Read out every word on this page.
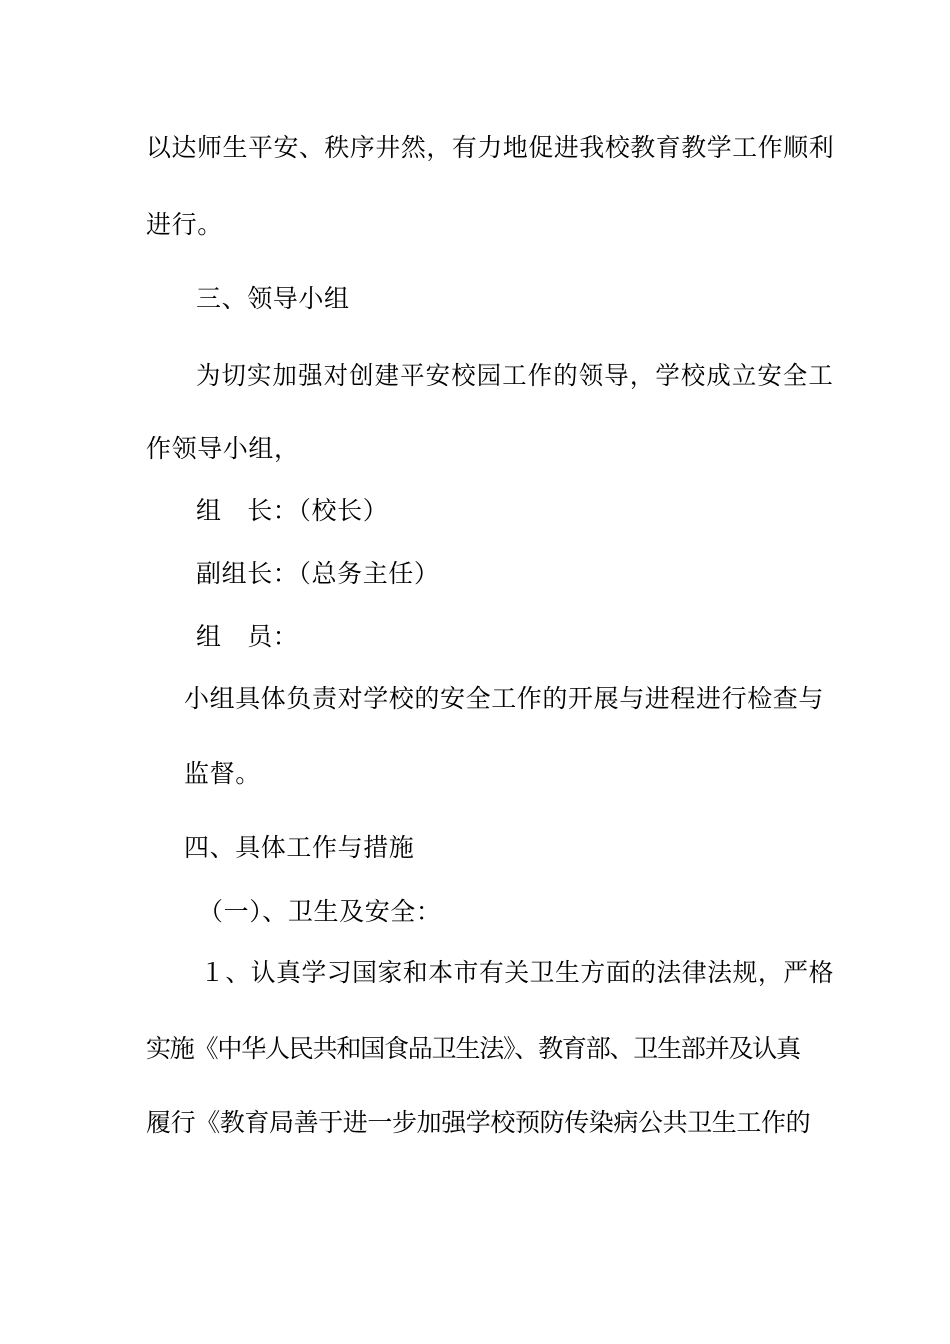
以达师生平安、秩序井然，有力地促进我校教育教学工作顺利
进行。
三、领导小组
为切实加强对创建平安校园工作的领导，学校成立安全工
作领导小组，
组　长：（校长）
副组长：（总务主任）
组　员：
小组具体负责对学校的安全工作的开展与进程进行检查与
监督。
四、具体工作与措施
（一）、卫生及安全：
１、认真学习国家和本市有关卫生方面的法律法规，严格
实施《中华人民共和国食品卫生法》、教育部、卫生部并及认真
履行《教育局善于进一步加强学校预防传染病公共卫生工作的
